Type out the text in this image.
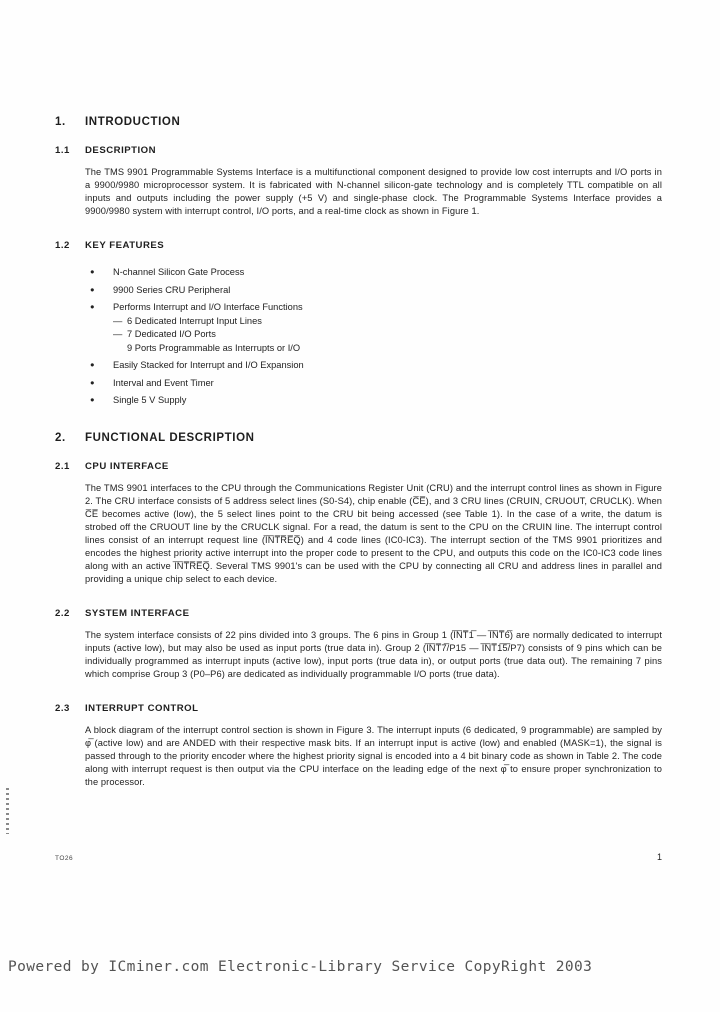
1. INTRODUCTION
1.1 DESCRIPTION

The TMS 9901 Programmable Systems Interface is a multifunctional component designed to provide low cost interrupts and I/O ports in a 9900/9980 microprocessor system. It is fabricated with N-channel silicon-gate technology and is completely TTL compatible on all inputs and outputs including the power supply (+5 V) and single-phase clock. The Programmable Systems Interface provides a 9900/9980 system with interrupt control, I/O ports, and a real-time clock as shown in Figure 1.

1.2 KEY FEATURES
●	N-channel Silicon Gate Process
●	9900 Series CRU Peripheral
●	Performs Interrupt and I/O Interface Functions
— 6 Dedicated Interrupt Input Lines
— 7 Dedicated I/O Ports
9 Ports Programmable as Interrupts or I/O
●	Easily Stacked for Interrupt and I/O Expansion
●	Interval and Event Timer
●	Single 5 V Supply
2. FUNCTIONAL DESCRIPTION
2.1 CPU INTERFACE

The TMS 9901 interfaces to the CPU through the Communications Register Unit (CRU) and the interrupt control lines as shown in Figure 2. The CRU interface consists of 5 address select lines (S0-S4), chip enable (C̅E̅), and 3 CRU lines (CRUIN, CRUOUT, CRUCLK). When C̅E̅ becomes active (low), the 5 select lines point to the CRU bit being accessed (see Table 1). In the case of a write, the datum is strobed off the CRUOUT line by the CRUCLK signal. For a read, the datum is sent to the CPU on the CRUIN line. The interrupt control lines consist of an interrupt request line (I̅N̅T̅R̅E̅Q̅) and 4 code lines (IC0-IC3). The interrupt section of the TMS 9901 prioritizes and encodes the highest priority active interrupt into the proper code to present to the CPU, and outputs this code on the IC0-IC3 code lines along with an active I̅N̅T̅R̅E̅Q̅. Several TMS 9901's can be used with the CPU by connecting all CRU and address lines in parallel and providing a unique chip select to each device.

2.2 SYSTEM INTERFACE

The system interface consists of 22 pins divided into 3 groups. The 6 pins in Group 1 (I̅N̅T̅1̅ — I̅N̅T̅6̅) are normally dedicated to interrupt inputs (active low), but may also be used as input ports (true data in). Group 2 (I̅N̅T̅7̅/P15 — I̅N̅T̅1̅5̅/P7) consists of 9 pins which can be individually programmed as interrupt inputs (active low), input ports (true data in), or output ports (true data out). The remaining 7 pins which comprise Group 3 (P0–P6) are dedicated as individually programmable I/O ports (true data).

2.3 INTERRUPT CONTROL

A block diagram of the interrupt control section is shown in Figure 3. The interrupt inputs (6 dedicated, 9 programmable) are sampled by φ̅ (active low) and are ANDED with their respective mask bits. If an interrupt input is active (low) and enabled (MASK=1), the signal is passed through to the priority encoder where the highest priority signal is encoded into a 4 bit binary code as shown in Table 2. The code along with interrupt request is then output via the CPU interface on the leading edge of the next φ̅ to ensure proper synchronization to the processor.

TO26	1
Powered by ICminer.com Electronic-Library Service CopyRight 2003
